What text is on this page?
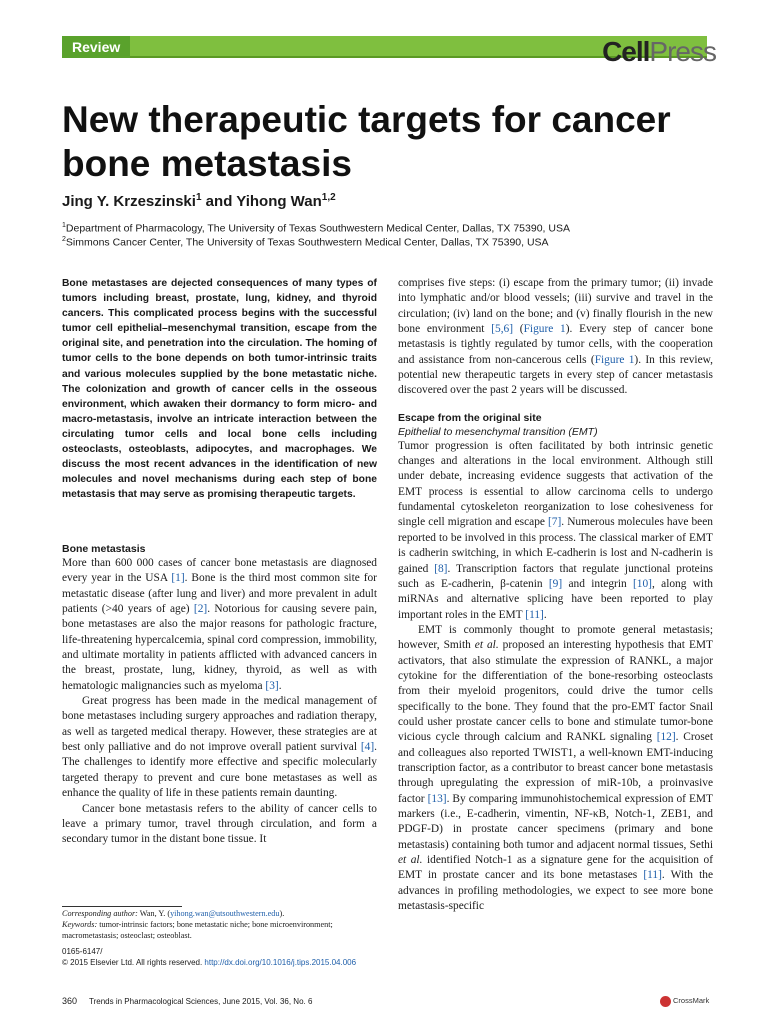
Review	CellPress
New therapeutic targets for cancer bone metastasis
Jing Y. Krzeszinski$^1$ and Yihong Wan$^{1,2}$
$^1$Department of Pharmacology, The University of Texas Southwestern Medical Center, Dallas, TX 75390, USA
$^2$Simmons Cancer Center, The University of Texas Southwestern Medical Center, Dallas, TX 75390, USA
Bone metastases are dejected consequences of many types of tumors including breast, prostate, lung, kidney, and thyroid cancers. This complicated process begins with the successful tumor cell epithelial–mesenchymal transition, escape from the original site, and penetration into the circulation. The homing of tumor cells to the bone depends on both tumor-intrinsic traits and various molecules supplied by the bone metastatic niche. The colonization and growth of cancer cells in the osseous environment, which awaken their dormancy to form micro- and macro-metastasis, involve an intricate interaction between the circulating tumor cells and local bone cells including osteoclasts, osteoblasts, adipocytes, and macrophages. We discuss the most recent advances in the identification of new molecules and novel mechanisms during each step of bone metastasis that may serve as promising therapeutic targets.
Bone metastasis

More than 600 000 cases of cancer bone metastasis are diagnosed every year in the USA [1]. Bone is the third most common site for metastatic disease (after lung and liver) and more prevalent in adult patients (>40 years of age) [2]. Notorious for causing severe pain, bone metastases are also the major reasons for pathologic fracture, life-threatening hypercalcemia, spinal cord compression, immobility, and ultimate mortality in patients afflicted with advanced cancers in the breast, prostate, lung, kidney, thyroid, as well as with hematologic malignancies such as myeloma [3].

Great progress has been made in the medical management of bone metastases including surgery approaches and radiation therapy, as well as targeted medical therapy. However, these strategies are at best only palliative and do not improve overall patient survival [4]. The challenges to identify more effective and specific molecularly targeted therapy to prevent and cure bone metastases as well as enhance the quality of life in these patients remain daunting.

Cancer bone metastasis refers to the ability of cancer cells to leave a primary tumor, travel through circulation, and form a secondary tumor in the distant bone tissue. It

Corresponding author: Wan, Y. (yihong.wan@utsouthwestern.edu).
Keywords: tumor-intrinsic factors; bone metastatic niche; bone microenvironment; macrometastasis; osteoclast; osteoblast.
0165-6147/
© 2015 Elsevier Ltd. All rights reserved. http://dx.doi.org/10.1016/j.tips.2015.04.006

comprises five steps: (i) escape from the primary tumor; (ii) invade into lymphatic and/or blood vessels; (iii) survive and travel in the circulation; (iv) land on the bone; and (v) finally flourish in the new bone environment [5,6] (Figure 1). Every step of cancer bone metastasis is tightly regulated by tumor cells, with the cooperation and assistance from non-cancerous cells (Figure 1). In this review, potential new therapeutic targets in every step of cancer metastasis discovered over the past 2 years will be discussed.

Escape from the original site
Epithelial to mesenchymal transition (EMT)

Tumor progression is often facilitated by both intrinsic genetic changes and alterations in the local environment. Although still under debate, increasing evidence suggests that activation of the EMT process is essential to allow carcinoma cells to undergo fundamental cytoskeleton reorganization to lose cohesiveness for single cell migration and escape [7]. Numerous molecules have been reported to be involved in this process. The classical marker of EMT is cadherin switching, in which E-cadherin is lost and N-cadherin is gained [8]. Transcription factors that regulate junctional proteins such as E-cadherin, β-catenin [9] and integrin [10], along with miRNAs and alternative splicing have been reported to play important roles in the EMT [11].

EMT is commonly thought to promote general metastasis; however, Smith et al. proposed an interesting hypothesis that EMT activators, that also stimulate the expression of RANKL, a major cytokine for the differentiation of the bone-resorbing osteoclasts from their myeloid progenitors, could drive the tumor cells specifically to the bone. They found that the pro-EMT factor Snail could usher prostate cancer cells to bone and stimulate tumor-bone vicious cycle through calcium and RANKL signaling [12]. Croset and colleagues also reported TWIST1, a well-known EMT-inducing transcription factor, as a contributor to breast cancer bone metastasis through upregulating the expression of miR-10b, a proinvasive factor [13]. By comparing immunohistochemical expression of EMT markers (i.e., E-cadherin, vimentin, NF-κB, Notch-1, ZEB1, and PDGF-D) in prostate cancer specimens (primary and bone metastasis) containing both tumor and adjacent normal tissues, Sethi et al. identified Notch-1 as a signature gene for the acquisition of EMT in prostate cancer and its bone metastases [11]. With the advances in profiling methodologies, we expect to see more bone metastasis-specific

360 Trends in Pharmacological Sciences, June 2015, Vol. 36, No. 6	CrossMark
